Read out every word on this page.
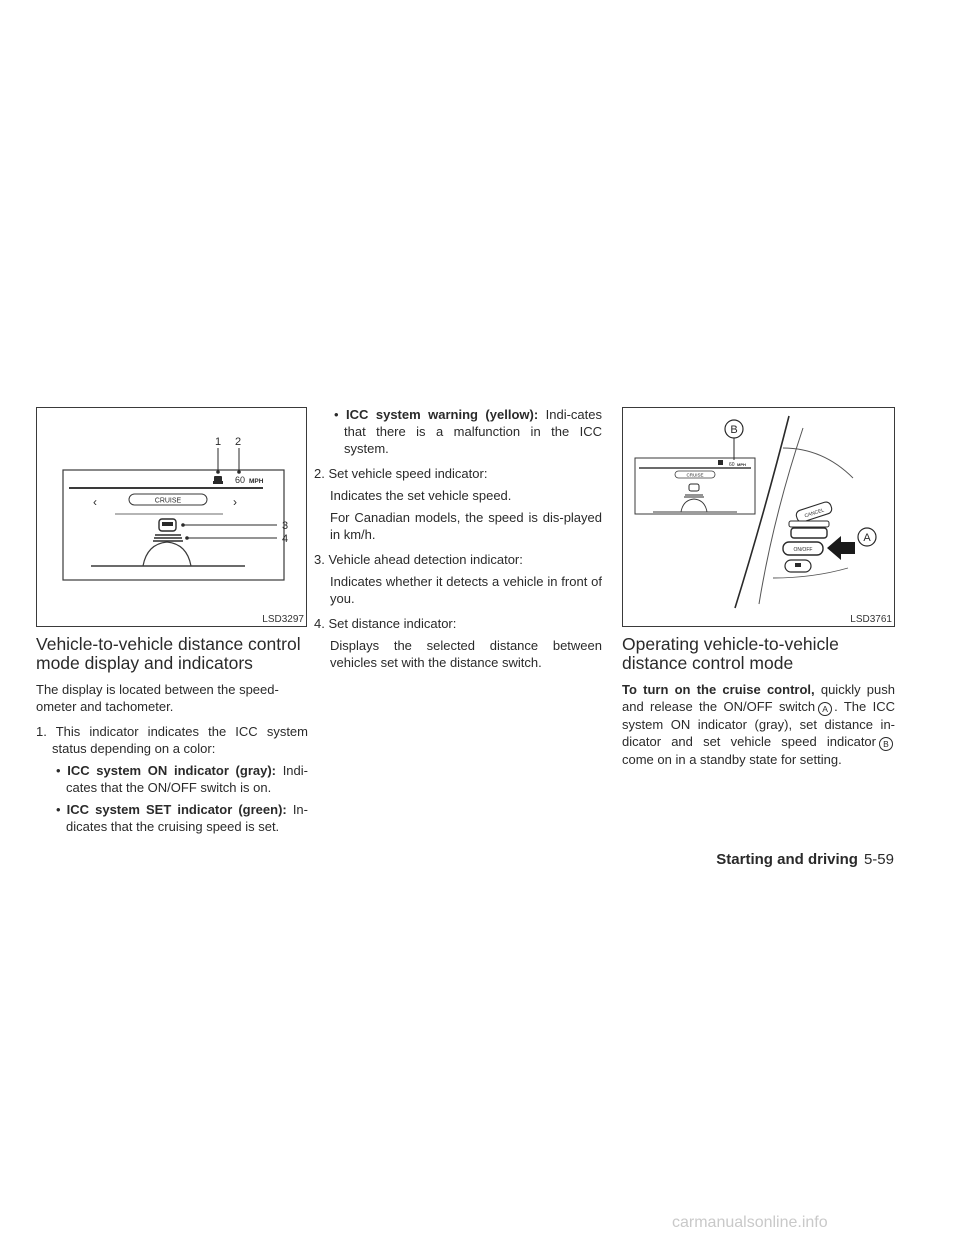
60 MPH
1 2
‹	›
CRUISE
3
4
LSD3297
60 MPH
CRUISE
B
CANCEL
ON/OFF
A
LSD3761
Vehicle-to-vehicle distance control mode display and indicators

The display is located between the speed-ometer and tachometer.

1. This indicator indicates the ICC system status depending on a color:

• ICC system ON indicator (gray): Indi-cates that the ON/OFF switch is on.

• ICC system SET indicator (green): In-dicates that the cruising speed is set.

• ICC system warning (yellow): Indi-cates that there is a malfunction in the ICC system.

2. Set vehicle speed indicator:

Indicates the set vehicle speed.

For Canadian models, the speed is dis-played in km/h.

3. Vehicle ahead detection indicator:

Indicates whether it detects a vehicle in front of you.

4. Set distance indicator:

Displays the selected distance between vehicles set with the distance switch.

Operating vehicle-to-vehicle distance control mode

To turn on the cruise control, quickly push and release the ON/OFF switch A . The ICC system ON indicator (gray), set distance in-dicator and set vehicle speed indicator B come on in a standby state for setting.

Starting and driving 5-59
carmanualsonline.info
